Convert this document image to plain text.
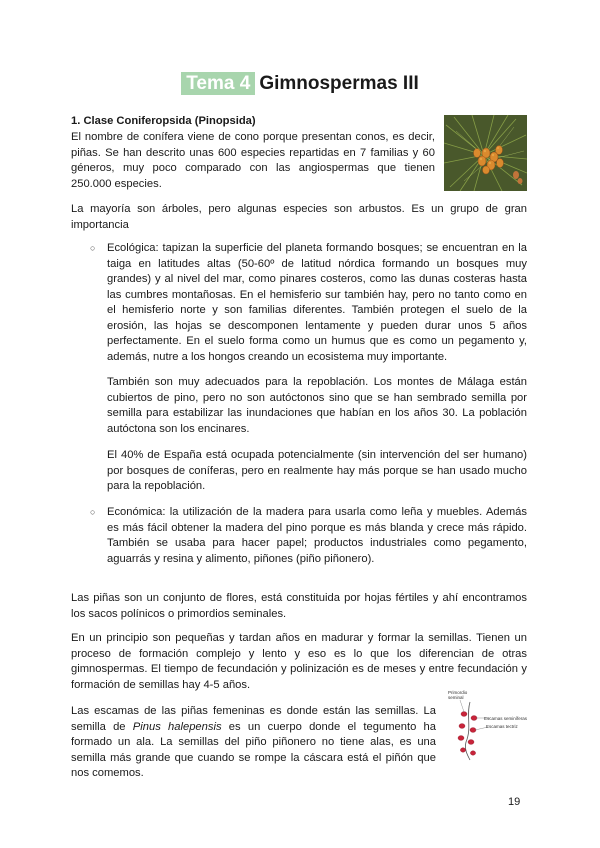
Tema 4 Gimnospermas III
1. Clase Coniferopsida (Pinopsida)

El nombre de conífera viene de cono porque presentan conos, es decir, piñas. Se han descrito unas 600 especies repartidas en 7 familias y 60 géneros, muy poco comparado con las angiospermas que tienen 250.000 especies.

La mayoría son árboles, pero algunas especies son arbustos. Es un grupo de gran importancia

○ Ecológica: tapizan la superficie del planeta formando bosques; se encuentran en la taiga en latitudes altas (50-60º de latitud nórdica formando un bosques muy grandes) y al nivel del mar, como pinares costeros, como las dunas costeras hasta las cumbres montañosas. En el hemisferio sur también hay, pero no tanto como en el hemisferio norte y son familias diferentes. También protegen el suelo de la erosión, las hojas se descomponen lentamente y pueden durar unos 5 años perfectamente. En el suelo forma como un humus que es como un pegamento y, además, nutre a los hongos creando un ecosistema muy importante.

También son muy adecuados para la repoblación. Los montes de Málaga están cubiertos de pino, pero no son autóctonos sino que se han sembrado semilla por semilla para estabilizar las inundaciones que habían en los años 30. La población autóctona son los encinares.

El 40% de España está ocupada potencialmente (sin intervención del ser humano) por bosques de coníferas, pero en realmente hay más porque se han usado mucho para la repoblación.

○ Económica: la utilización de la madera para usarla como leña y muebles. Además es más fácil obtener la madera del pino porque es más blanda y crece más rápido. También se usaba para hacer papel; productos industriales como pegamento, aguarrás y resina y alimento, piñones (piño piñonero).

Las piñas son un conjunto de flores, está constituida por hojas fértiles y ahí encontramos los sacos polínicos o primordios seminales.

En un principio son pequeñas y tardan años en madurar y formar la semillas. Tienen un proceso de formación complejo y lento y eso es lo que los diferencian de otras gimnospermas. El tiempo de fecundación y polinización es de meses y entre fecundación y formación de semillas hay 4-5 años.

Las escamas de las piñas femeninas es donde están las semillas. La semilla de Pinus halepensis es un cuerpo donde el tegumento ha formado un ala. La semillas del piño piñonero no tiene alas, es una semilla más grande que cuando se rompe la cáscara está el piñón que nos comemos.

Primordio seminal
Escamas seminíferas
Escamas tectriz
19
